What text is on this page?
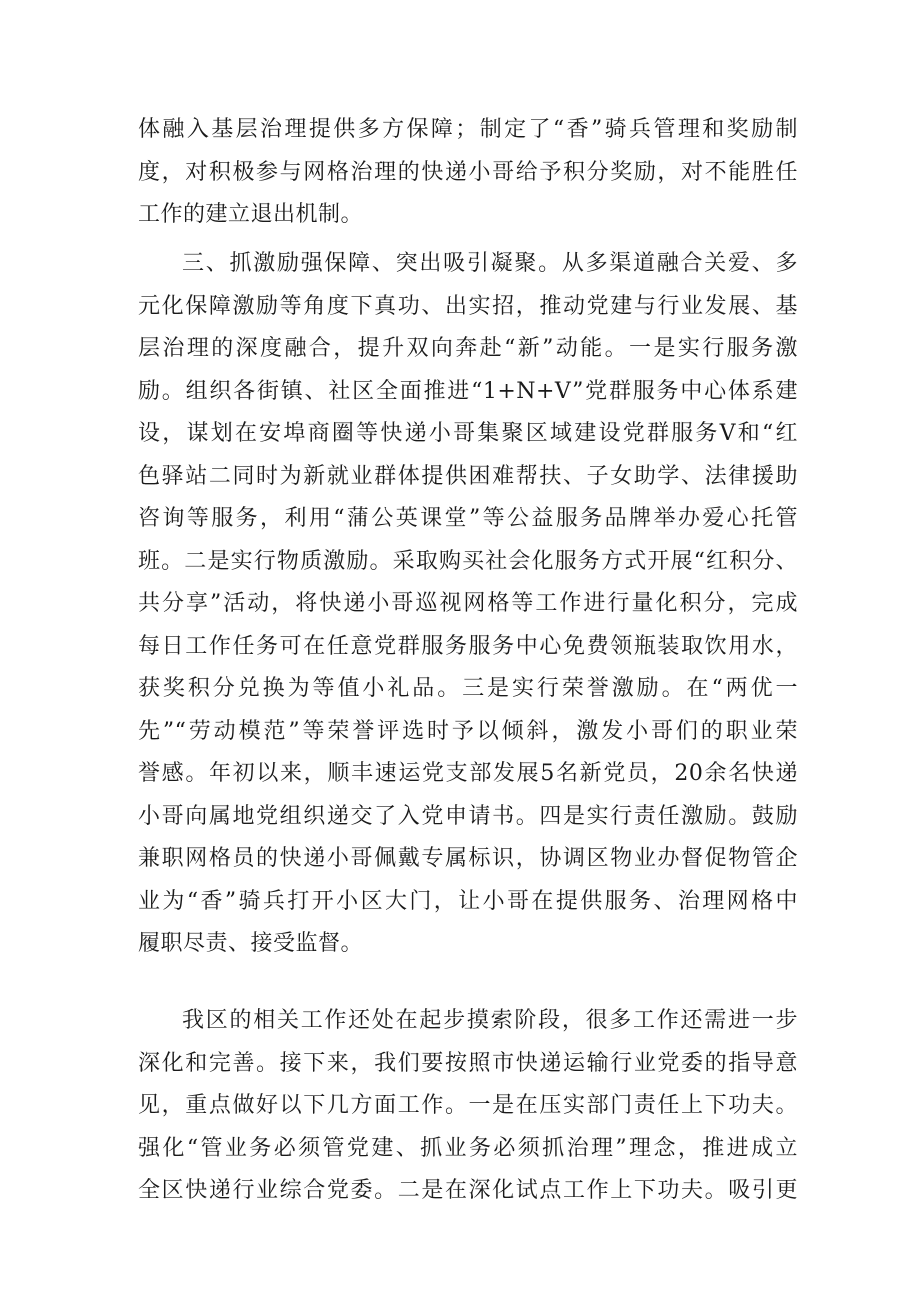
体融入基层治理提供多方保障；制定了“香”骑兵管理和奖励制
度，对积极参与网格治理的快递小哥给予积分奖励，对不能胜任
工作的建立退出机制。
三、抓激励强保障、突出吸引凝聚。从多渠道融合关爱、多
元化保障激励等角度下真功、出实招，推动党建与行业发展、基
层治理的深度融合，提升双向奔赴“新”动能。一是实行服务激
励。组织各街镇、社区全面推进“1+N+V”党群服务中心体系建
设，谋划在安埠商圈等快递小哥集聚区域建设党群服务Ⅴ和“红
色驿站二同时为新就业群体提供困难帮扶、子女助学、法律援助
咨询等服务，利用“蒲公英课堂”等公益服务品牌举办爱心托管
班。二是实行物质激励。采取购买社会化服务方式开展“红积分、
共分享”活动，将快递小哥巡视网格等工作进行量化积分，完成
每日工作任务可在任意党群服务服务中心免费领瓶装取饮用水，
获奖积分兑换为等值小礼品。三是实行荣誉激励。在“两优一
先”“劳动模范”等荣誉评选时予以倾斜，激发小哥们的职业荣
誉感。年初以来，顺丰速运党支部发展5名新党员，20余名快递
小哥向属地党组织递交了入党申请书。四是实行责任激励。鼓励
兼职网格员的快递小哥佩戴专属标识，协调区物业办督促物管企
业为“香”骑兵打开小区大门，让小哥在提供服务、治理网格中
履职尽责、接受监督。
我区的相关工作还处在起步摸索阶段，很多工作还需进一步
深化和完善。接下来，我们要按照市快递运输行业党委的指导意
见，重点做好以下几方面工作。一是在压实部门责任上下功夫。
强化“管业务必须管党建、抓业务必须抓治理”理念，推进成立
全区快递行业综合党委。二是在深化试点工作上下功夫。吸引更
